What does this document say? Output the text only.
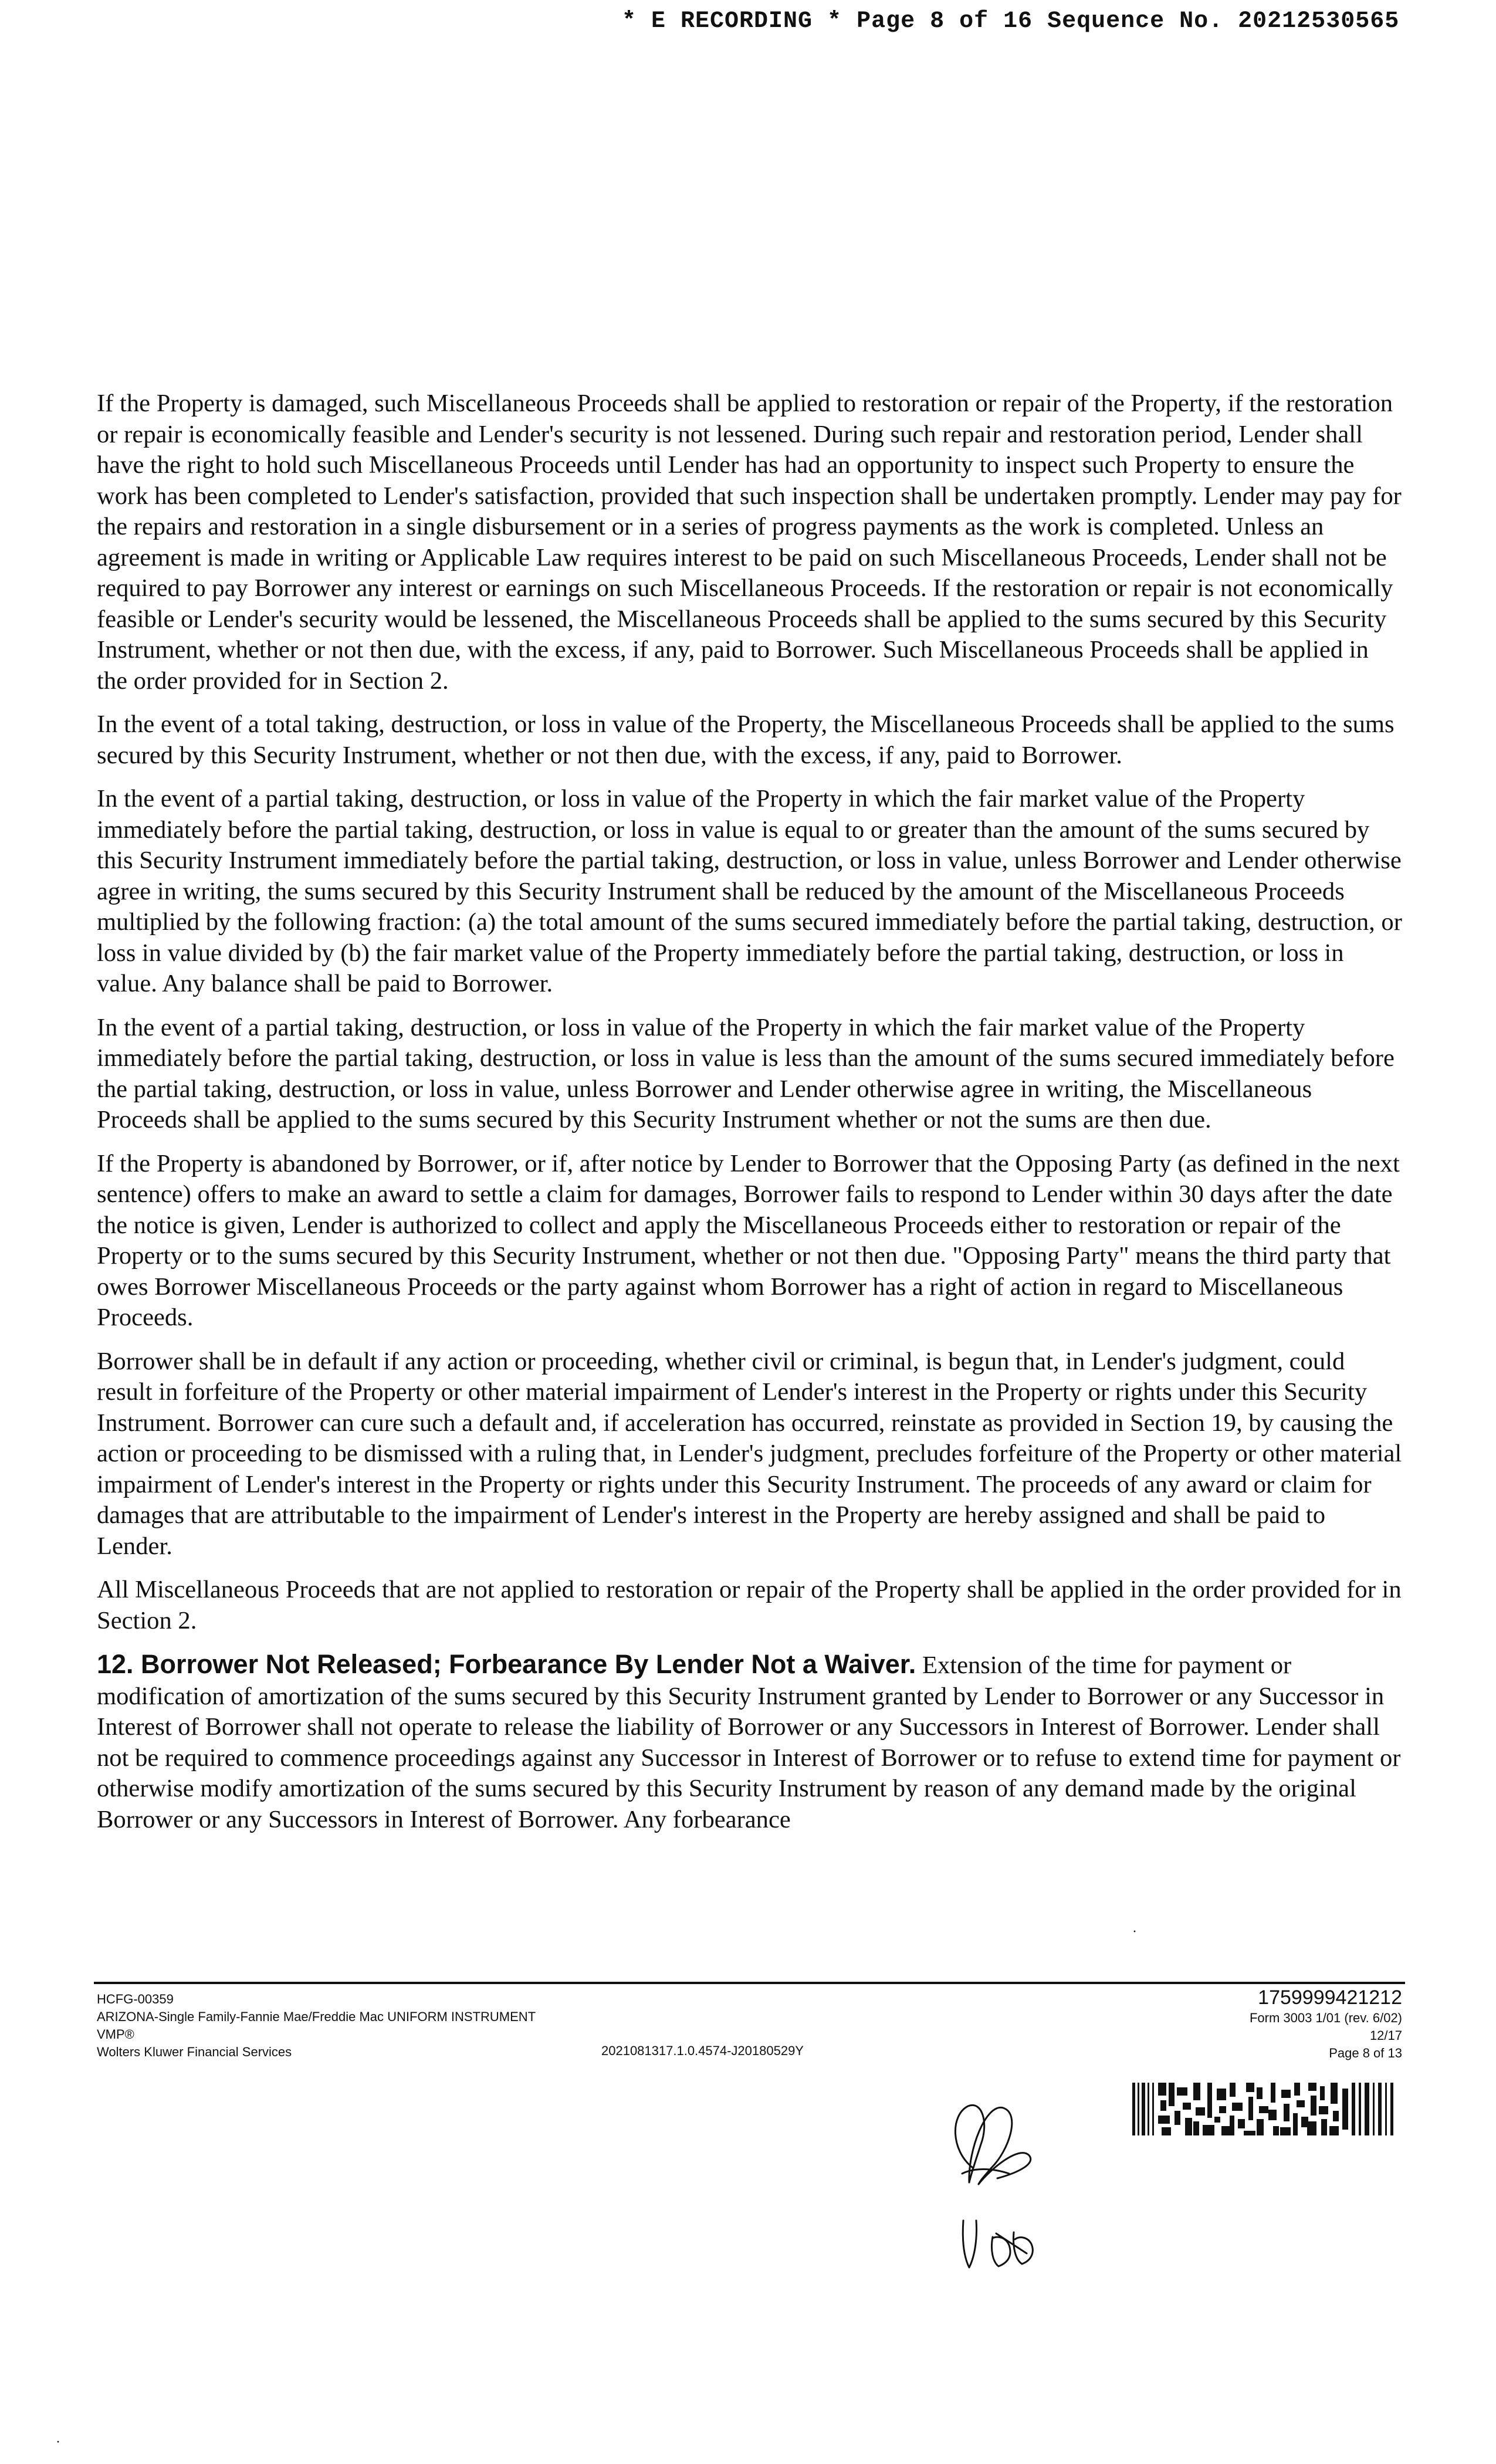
* E RECORDING * Page 8 of 16 Sequence No. 20212530565

If the Property is damaged, such Miscellaneous Proceeds shall be applied to restoration or repair of the Property, if the restoration or repair is economically feasible and Lender's security is not lessened. During such repair and restoration period, Lender shall have the right to hold such Miscellaneous Proceeds until Lender has had an opportunity to inspect such Property to ensure the work has been completed to Lender's satisfaction, provided that such inspection shall be undertaken promptly. Lender may pay for the repairs and restoration in a single disbursement or in a series of progress payments as the work is completed. Unless an agreement is made in writing or Applicable Law requires interest to be paid on such Miscellaneous Proceeds, Lender shall not be required to pay Borrower any interest or earnings on such Miscellaneous Proceeds. If the restoration or repair is not economically feasible or Lender's security would be lessened, the Miscellaneous Proceeds shall be applied to the sums secured by this Security Instrument, whether or not then due, with the excess, if any, paid to Borrower. Such Miscellaneous Proceeds shall be applied in the order provided for in Section 2.

In the event of a total taking, destruction, or loss in value of the Property, the Miscellaneous Proceeds shall be applied to the sums secured by this Security Instrument, whether or not then due, with the excess, if any, paid to Borrower.

In the event of a partial taking, destruction, or loss in value of the Property in which the fair market value of the Property immediately before the partial taking, destruction, or loss in value is equal to or greater than the amount of the sums secured by this Security Instrument immediately before the partial taking, destruction, or loss in value, unless Borrower and Lender otherwise agree in writing, the sums secured by this Security Instrument shall be reduced by the amount of the Miscellaneous Proceeds multiplied by the following fraction: (a) the total amount of the sums secured immediately before the partial taking, destruction, or loss in value divided by (b) the fair market value of the Property immediately before the partial taking, destruction, or loss in value. Any balance shall be paid to Borrower.

In the event of a partial taking, destruction, or loss in value of the Property in which the fair market value of the Property immediately before the partial taking, destruction, or loss in value is less than the amount of the sums secured immediately before the partial taking, destruction, or loss in value, unless Borrower and Lender otherwise agree in writing, the Miscellaneous Proceeds shall be applied to the sums secured by this Security Instrument whether or not the sums are then due.

If the Property is abandoned by Borrower, or if, after notice by Lender to Borrower that the Opposing Party (as defined in the next sentence) offers to make an award to settle a claim for damages, Borrower fails to respond to Lender within 30 days after the date the notice is given, Lender is authorized to collect and apply the Miscellaneous Proceeds either to restoration or repair of the Property or to the sums secured by this Security Instrument, whether or not then due. "Opposing Party" means the third party that owes Borrower Miscellaneous Proceeds or the party against whom Borrower has a right of action in regard to Miscellaneous Proceeds.

Borrower shall be in default if any action or proceeding, whether civil or criminal, is begun that, in Lender's judgment, could result in forfeiture of the Property or other material impairment of Lender's interest in the Property or rights under this Security Instrument. Borrower can cure such a default and, if acceleration has occurred, reinstate as provided in Section 19, by causing the action or proceeding to be dismissed with a ruling that, in Lender's judgment, precludes forfeiture of the Property or other material impairment of Lender's interest in the Property or rights under this Security Instrument. The proceeds of any award or claim for damages that are attributable to the impairment of Lender's interest in the Property are hereby assigned and shall be paid to Lender.

All Miscellaneous Proceeds that are not applied to restoration or repair of the Property shall be applied in the order provided for in Section 2.

12. Borrower Not Released; Forbearance By Lender Not a Waiver. Extension of the time for payment or modification of amortization of the sums secured by this Security Instrument granted by Lender to Borrower or any Successor in Interest of Borrower shall not operate to release the liability of Borrower or any Successors in Interest of Borrower. Lender shall not be required to commence proceedings against any Successor in Interest of Borrower or to refuse to extend time for payment or otherwise modify amortization of the sums secured by this Security Instrument by reason of any demand made by the original Borrower or any Successors in Interest of Borrower. Any forbearance

·
HCFG-00359
ARIZONA-Single Family-Fannie Mae/Freddie Mac UNIFORM INSTRUMENT
VMP®
Wolters Kluwer Financial Services	2021081317.1.0.4574-J20180529Y
1759999421212
Form 3003 1/01 (rev. 6/02)
12/17
Page 8 of 13
·
